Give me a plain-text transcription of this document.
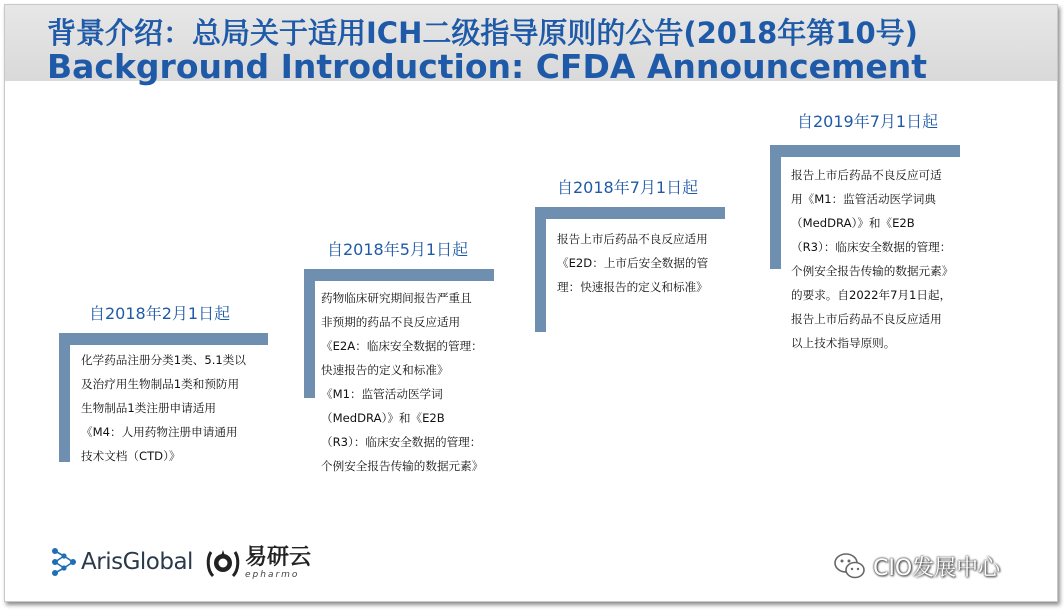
背景介绍：总局关于适用ICH二级指导原则的公告(2018年第10号)
Background Introduction: CFDA Announcement
自2018年2月1日起
化学药品注册分类1类、5.1类以
及治疗用生物制品1类和预防用
生物制品1类注册申请适用
《M4：人用药物注册申请通用
技术文档（CTD）》
自2018年5月1日起
药物临床研究期间报告严重且
非预期的药品不良反应适用
《E2A：临床安全数据的管理：
快速报告的定义和标准》
《M1：监管活动医学词
（MedDRA）》和《E2B
（R3）：临床安全数据的管理：
个例安全报告传输的数据元素》
自2018年7月1日起
报告上市后药品不良反应适用
《E2D：上市后安全数据的管
理：快速报告的定义和标准》
自2019年7月1日起
报告上市后药品不良反应可适
用《M1：监管活动医学词典
（MedDRA）》和《E2B
（R3）：临床安全数据的管理：
个例安全报告传输的数据元素》
的要求。自2022年7月1日起，
报告上市后药品不良反应适用
以上技术指导原则。
ArisGlobal 易研云
epharmo	CIO发展中心
